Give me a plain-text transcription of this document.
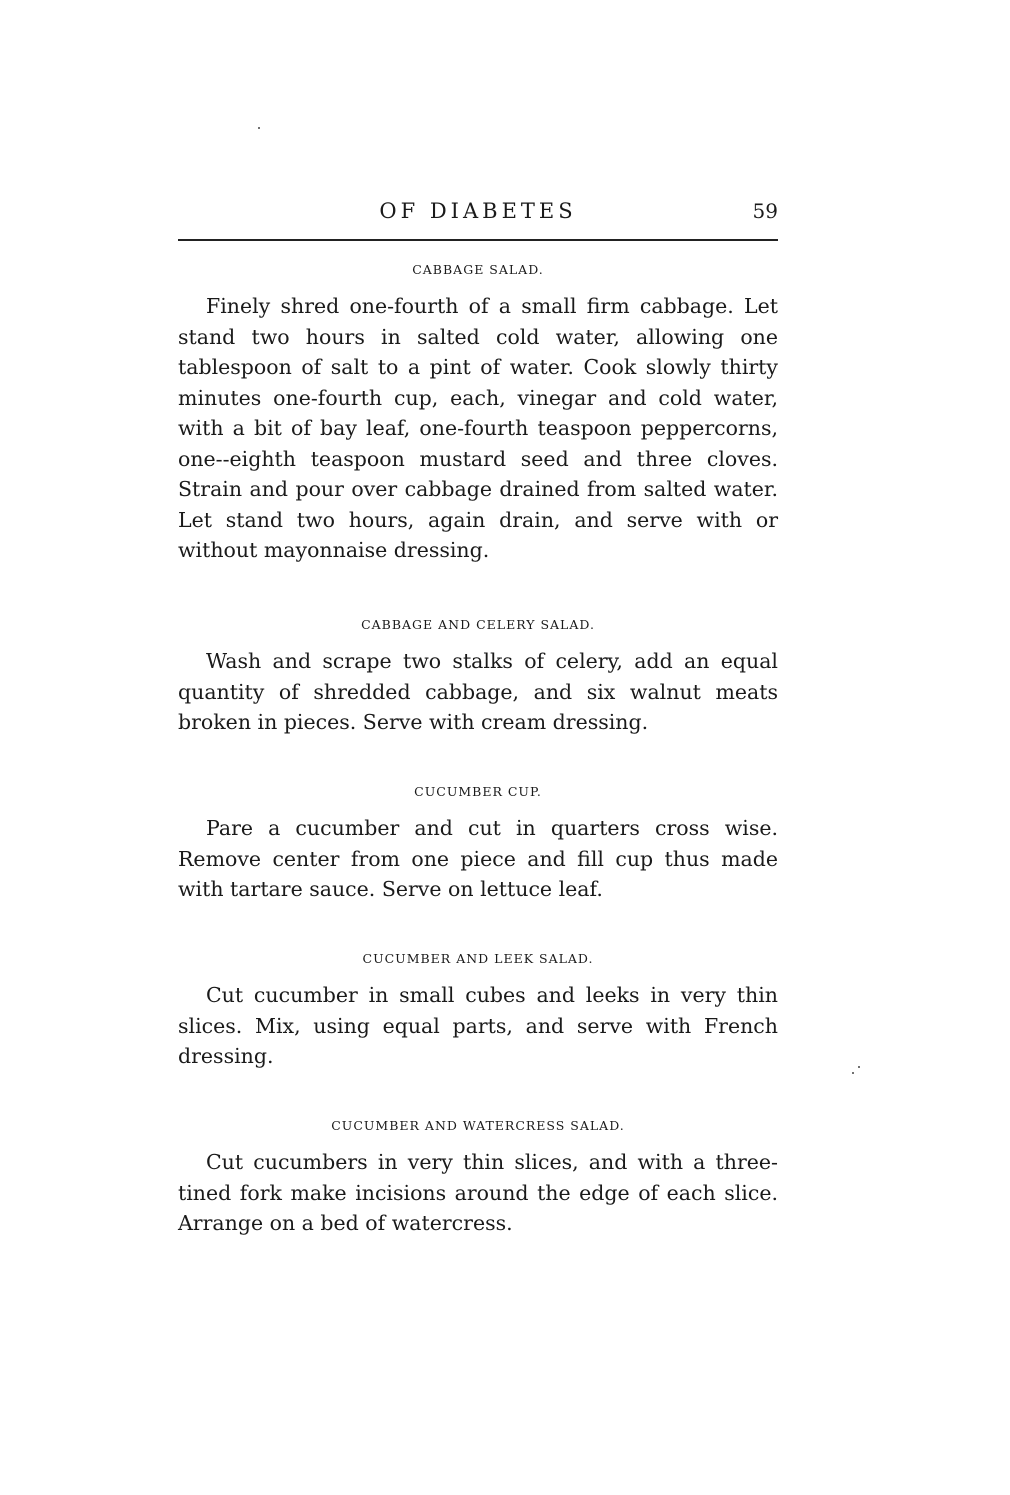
OF DIABETES	59
CABBAGE SALAD.

Finely shred one-fourth of a small firm cabbage. Let stand two hours in salted cold water, allowing one tablespoon of salt to a pint of water. Cook slowly thirty minutes one-fourth cup, each, vinegar and cold water, with a bit of bay leaf, one-fourth teaspoon peppercorns, one--eighth teaspoon mustard seed and three cloves. Strain and pour over cabbage drained from salted water. Let stand two hours, again drain, and serve with or without mayonnaise dressing.

CABBAGE AND CELERY SALAD.

Wash and scrape two stalks of celery, add an equal quantity of shredded cabbage, and six walnut meats broken in pieces. Serve with cream dressing.

CUCUMBER CUP.

Pare a cucumber and cut in quarters cross wise. Remove center from one piece and fill cup thus made with tartare sauce. Serve on lettuce leaf.

CUCUMBER AND LEEK SALAD.

Cut cucumber in small cubes and leeks in very thin slices. Mix, using equal parts, and serve with French dressing.

CUCUMBER AND WATERCRESS SALAD.

Cut cucumbers in very thin slices, and with a three-tined fork make incisions around the edge of each slice. Arrange on a bed of watercress.
